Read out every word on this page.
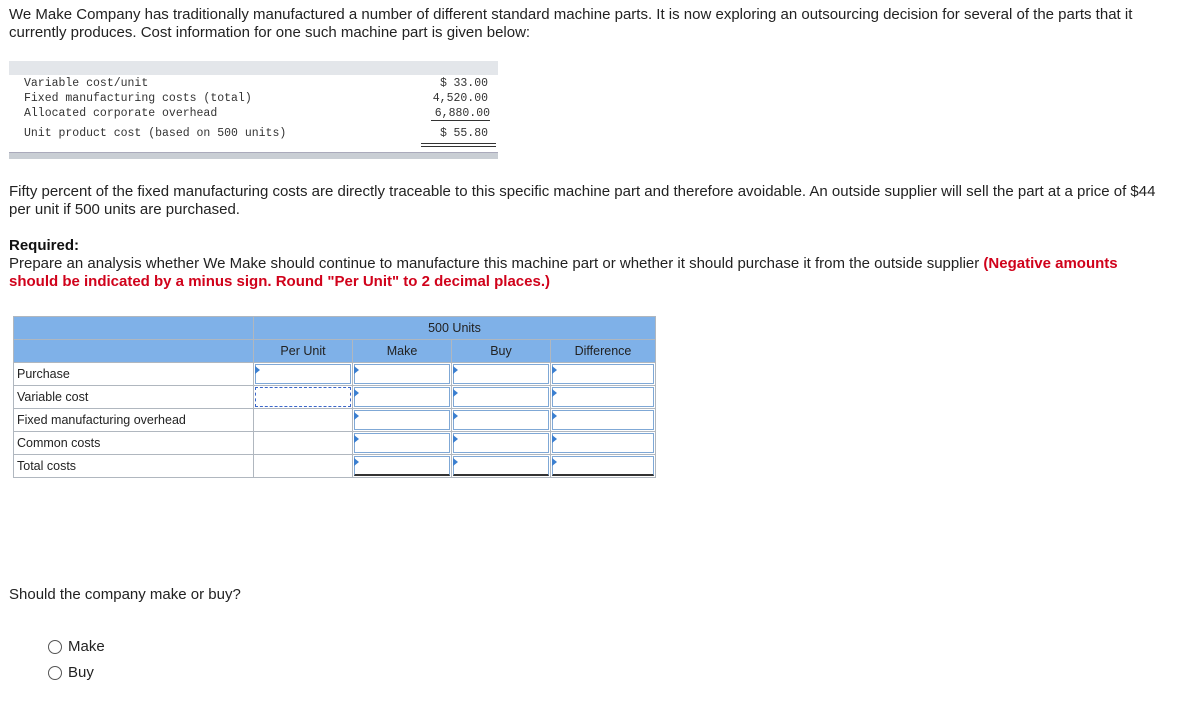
We Make Company has traditionally manufactured a number of different standard machine parts. It is now exploring an outsourcing decision for several of the parts that it currently produces. Cost information for one such machine part is given below:
Variable cost/unit	$ 33.00
Fixed manufacturing costs (total)	4,520.00
Allocated corporate overhead	6,880.00
Unit product cost (based on 500 units)	$ 55.80
Fifty percent of the fixed manufacturing costs are directly traceable to this specific machine part and therefore avoidable. An outside supplier will sell the part at a price of $44 per unit if 500 units are purchased.
Required:
Prepare an analysis whether We Make should continue to manufacture this machine part or whether it should purchase it from the outside supplier (Negative amounts should be indicated by a minus sign. Round "Per Unit" to 2 decimal places.)
	500 Units			
	Per Unit	Make	Buy	Difference
Purchase	

Variable cost	

Fixed manufacturing overhead		

Common costs		

Total costs		

Should the company make or buy?
Make
Buy
